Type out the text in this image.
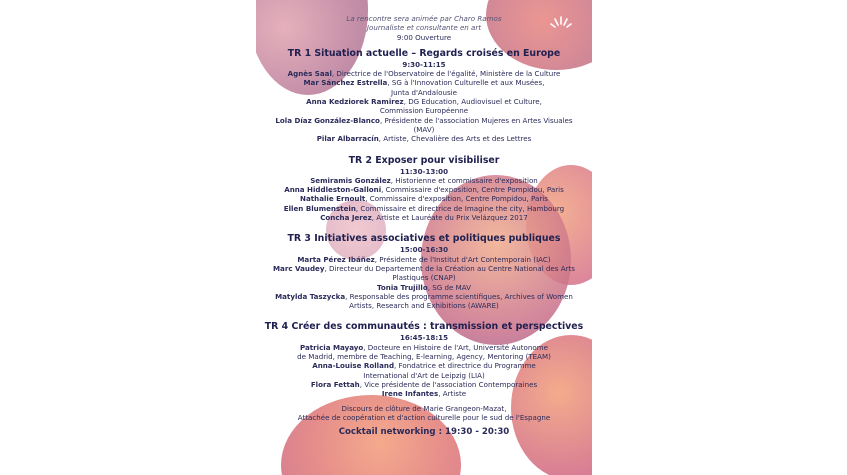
La rencontre sera animée par Charo Ramos
Journaliste et consultante en art
9:00 Ouverture
TR 1 Situation actuelle – Regards croisés en Europe
9:30-11:15
Agnès Saal, Directrice de l'Observatoire de l'égalité, Ministère de la Culture
Mar Sánchez Estrella, SG à l'Innovation Culturelle et aux Musées,
Junta d'Andalousie
Anna Kedziorek Ramirez, DG Education, Audiovisuel et Culture,
Commission Européenne
Lola Díaz González-Blanco, Présidente de l'association Mujeres en Artes Visuales
(MAV)
Pilar Albarracín, Artiste, Chevalière des Arts et des Lettres
TR 2 Exposer pour visibiliser
11:30-13:00
Semiramis González, Historienne et commissaire d'exposition
Anna Hiddleston-Galloni, Commissaire d'exposition, Centre Pompidou, Paris
Nathalie Ernoult, Commissaire d'exposition, Centre Pompidou, Paris
Ellen Blumenstein, Commissaire et directrice de Imagine the city, Hambourg
Concha Jerez, Artiste et Lauréate du Prix Velázquez 2017
TR 3 Initiatives associatives et politiques publiques
15:00-16:30
Marta Pérez Ibáñez, Présidente de l'Institut d'Art Contemporain (IAC)
Marc Vaudey, Directeur du Departement de la Création au Centre National des Arts
Plastiques (CNAP)
Tonia Trujillo, SG de MAV
Matylda Taszycka, Responsable des programme scientifiques, Archives of Women
Artists, Research and Exhibitions (AWARE)
TR 4 Créer des communautés : transmission et perspectives
16:45-18:15
Patricia Mayayo, Docteure en Histoire de l'Art, Université Autonome
de Madrid, membre de Teaching, E-learning, Agency, Mentoring (TEAM)
Anna-Louise Rolland, Fondatrice et directrice du Programme
International d'Art de Leipzig (LIA)
Flora Fettah, Vice présidente de l'association Contemporaines
Irene Infantes, Artiste
Discours de clôture de Marie Grangeon-Mazat,
Attachée de coopération et d'action culturelle pour le sud de l'Espagne
Cocktail networking : 19:30 - 20:30
